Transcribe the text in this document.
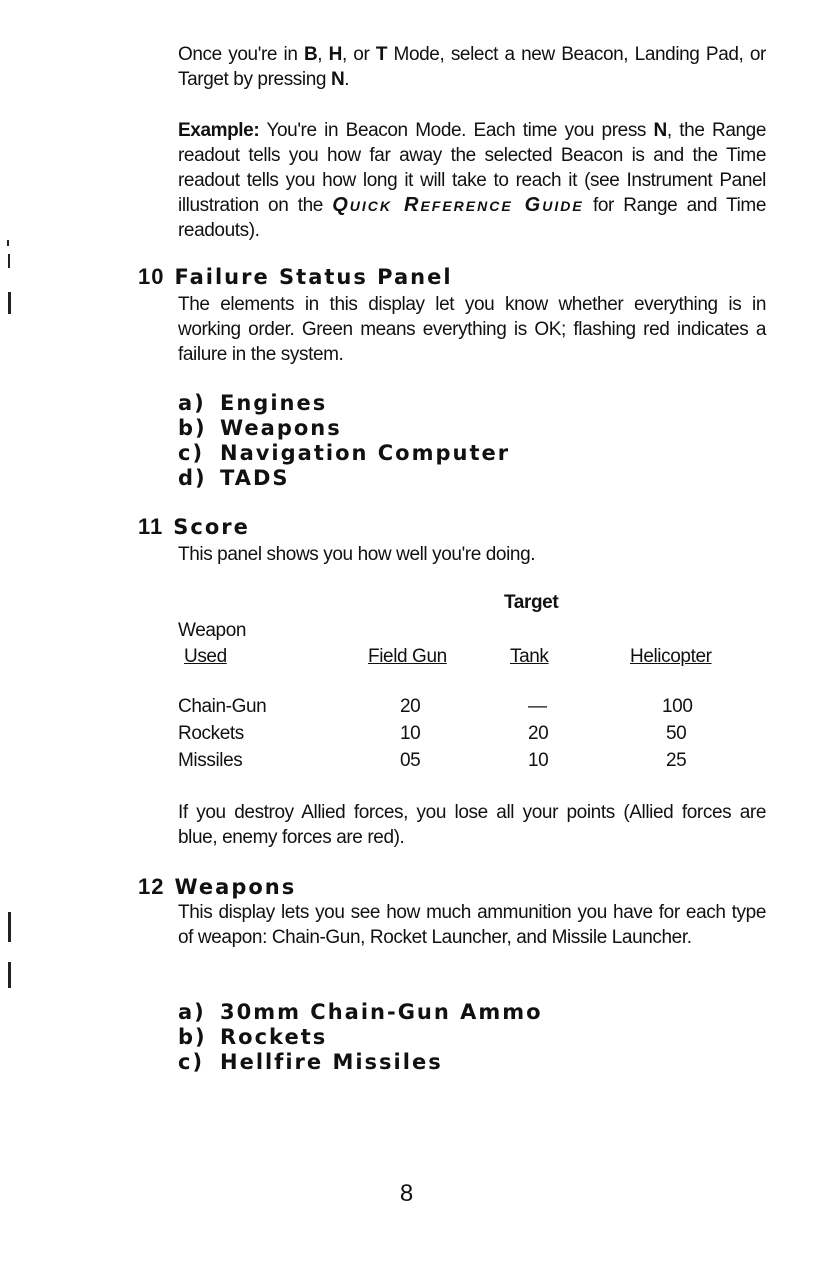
Once you're in B, H, or T Mode, select a new Beacon, Landing Pad, or Target by pressing N.

Example: You're in Beacon Mode. Each time you press N, the Range readout tells you how far away the selected Beacon is and the Time readout tells you how long it will take to reach it (see Instrument Panel illustration on the Quick Reference Guide for Range and Time readouts).

10 Failure Status Panel

The elements in this display let you know whether everything is in working order. Green means everything is OK; flashing red indicates a failure in the system.

a) Engines
b) Weapons
c) Navigation Computer
d) TADS
11 Score

This panel shows you how well you're doing.

Target
Weapon
Used	Field Gun	Tank	Helicopter
Chain-Gun	20	—	100
Rockets	10	20	50
Missiles	05	10	25

If you destroy Allied forces, you lose all your points (Allied forces are blue, enemy forces are red).

12 Weapons

This display lets you see how much ammunition you have for each type of weapon: Chain-Gun, Rocket Launcher, and Missile Launcher.

a) 30mm Chain-Gun Ammo
b) Rockets
c) Hellfire Missiles
8
